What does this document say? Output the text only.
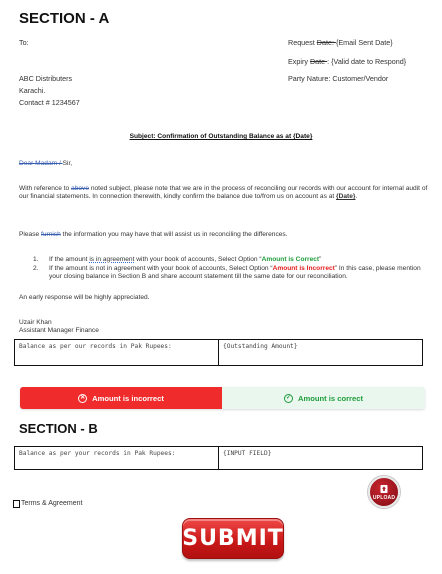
SECTION - A
To:	Request Date: {Email Sent Date}
Expiry Date : {Valid date to Respond}
Party Nature: Customer/Vendor
ABC Distributers
Karachi.
Contact # 1234567
Subject: Confirmation of Outstanding Balance as at {Date}
Dear Madam / Sir,
With reference to above noted subject, please note that we are in the process of reconciling our records with our account for internal audit of our financial statements. In connection therewith, kindly confirm the balance due to/from us on account as at {Date}.
Please furnish the information you may have that will assist us in reconciling the differences.
1.	If the amount is in agreement with your book of accounts, Select Option “Amount is Correct”
2.	If the amount is not in agreement with your book of accounts, Select Option “Amount is Incorrect” In this case, please mention your closing balance in Section B and share account statement till the same date for our reconciliation.
An early response will be highly appreciated.
Uzair Khan
Assistant Manager Finance
Balance as per our records in Pak Rupees:	{Outstanding Amount}
✕ Amount is incorrect	✓ Amount is correct
SECTION - B
Balance as per your records in Pak Rupees:	{INPUT FIELD}
UPLOAD
Terms & Agreement
SUBMIT
